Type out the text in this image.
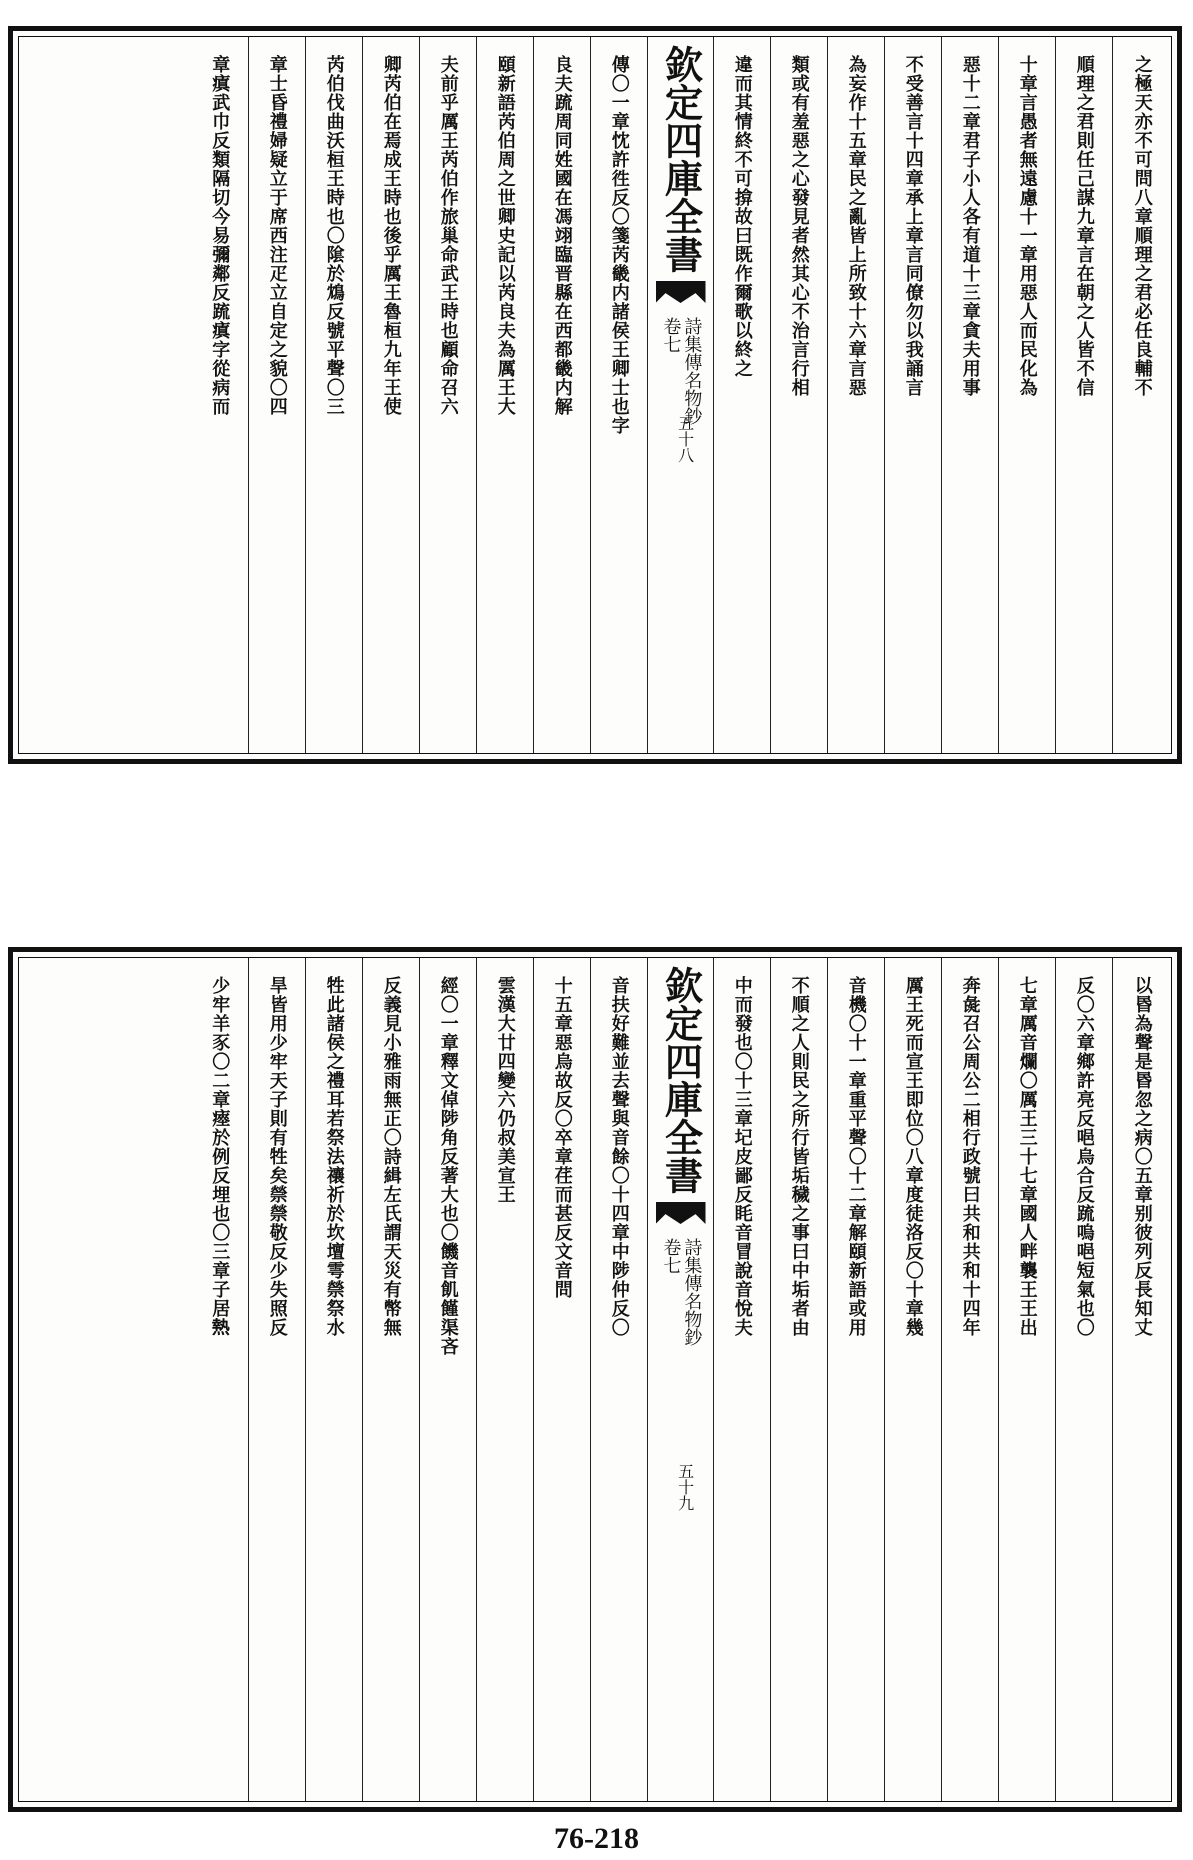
之極天亦不可問八章順理之君必任良輔不
順理之君則任己謀九章言在朝之人皆不信
十章言愚者無遠慮十一章用惡人而民化為
惡十二章君子小人各有道十三章貪夫用事
不受善言十四章承上章言同僚勿以我誦言
為妄作十五章民之亂皆上所致十六章言惡
類或有羞惡之心發見者然其心不治言行相
違而其情終不可揜故曰既作爾歌以終之
欽定四庫全書
詩集傳名物鈔
卷七
五十八
傳〇一章忱許徃反〇箋芮畿内諸侯王卿士也字
良夫䟽周同姓國在馮翊臨晋縣在西都畿内解
頤新語芮伯周之世卿史記以芮良夫為厲王大
夫前乎厲王芮伯作旅巢命武王時也顧命召六
卿芮伯在焉成王時也後乎厲王魯桓九年王使
芮伯伐曲沃桓王時也〇隂於鴆反號平聲〇三
章士昏禮婦疑立于席西注疋立自定之貌〇四
章瘨武巾反類隔切今易彌鄰反䟽瘨字從病而
以昬為聲是昬忽之病〇五章别彼列反長知丈
反〇六章鄉許亮反唈烏合反䟽嗚唈短氣也〇
七章厲音爛〇厲王三十七章國人畔襲王王出
奔彘召公周公二相行政號曰共和共和十四年
厲王死而宣王即位〇八章度徒洛反〇十章幾
音機〇十一章重平聲〇十二章解頤新語或用
不順之人則民之所行皆垢穢之事曰中垢者由
中而發也〇十三章圮皮鄙反眊音冒說音悅夫
欽定四庫全書
詩集傳名物鈔
卷七
五十九
音扶好難並去聲與音餘〇十四章中陟仲反〇
十五章惡烏故反〇卒章荏而甚反文音問
雲漢大廿四變六仍叔美宣王
經〇一章釋文倬陟角反著大也〇饑音飢饉渠吝
反義見小雅雨無正〇詩緝左氏謂天災有幣無
牲此諸侯之禮耳若祭法禳祈於坎壇雩禜祭水
旱皆用少牢天子則有牲矣禜禜敬反少失照反
少牢羊豕〇二章瘞於例反埋也〇三章子居𤍠
76-218
